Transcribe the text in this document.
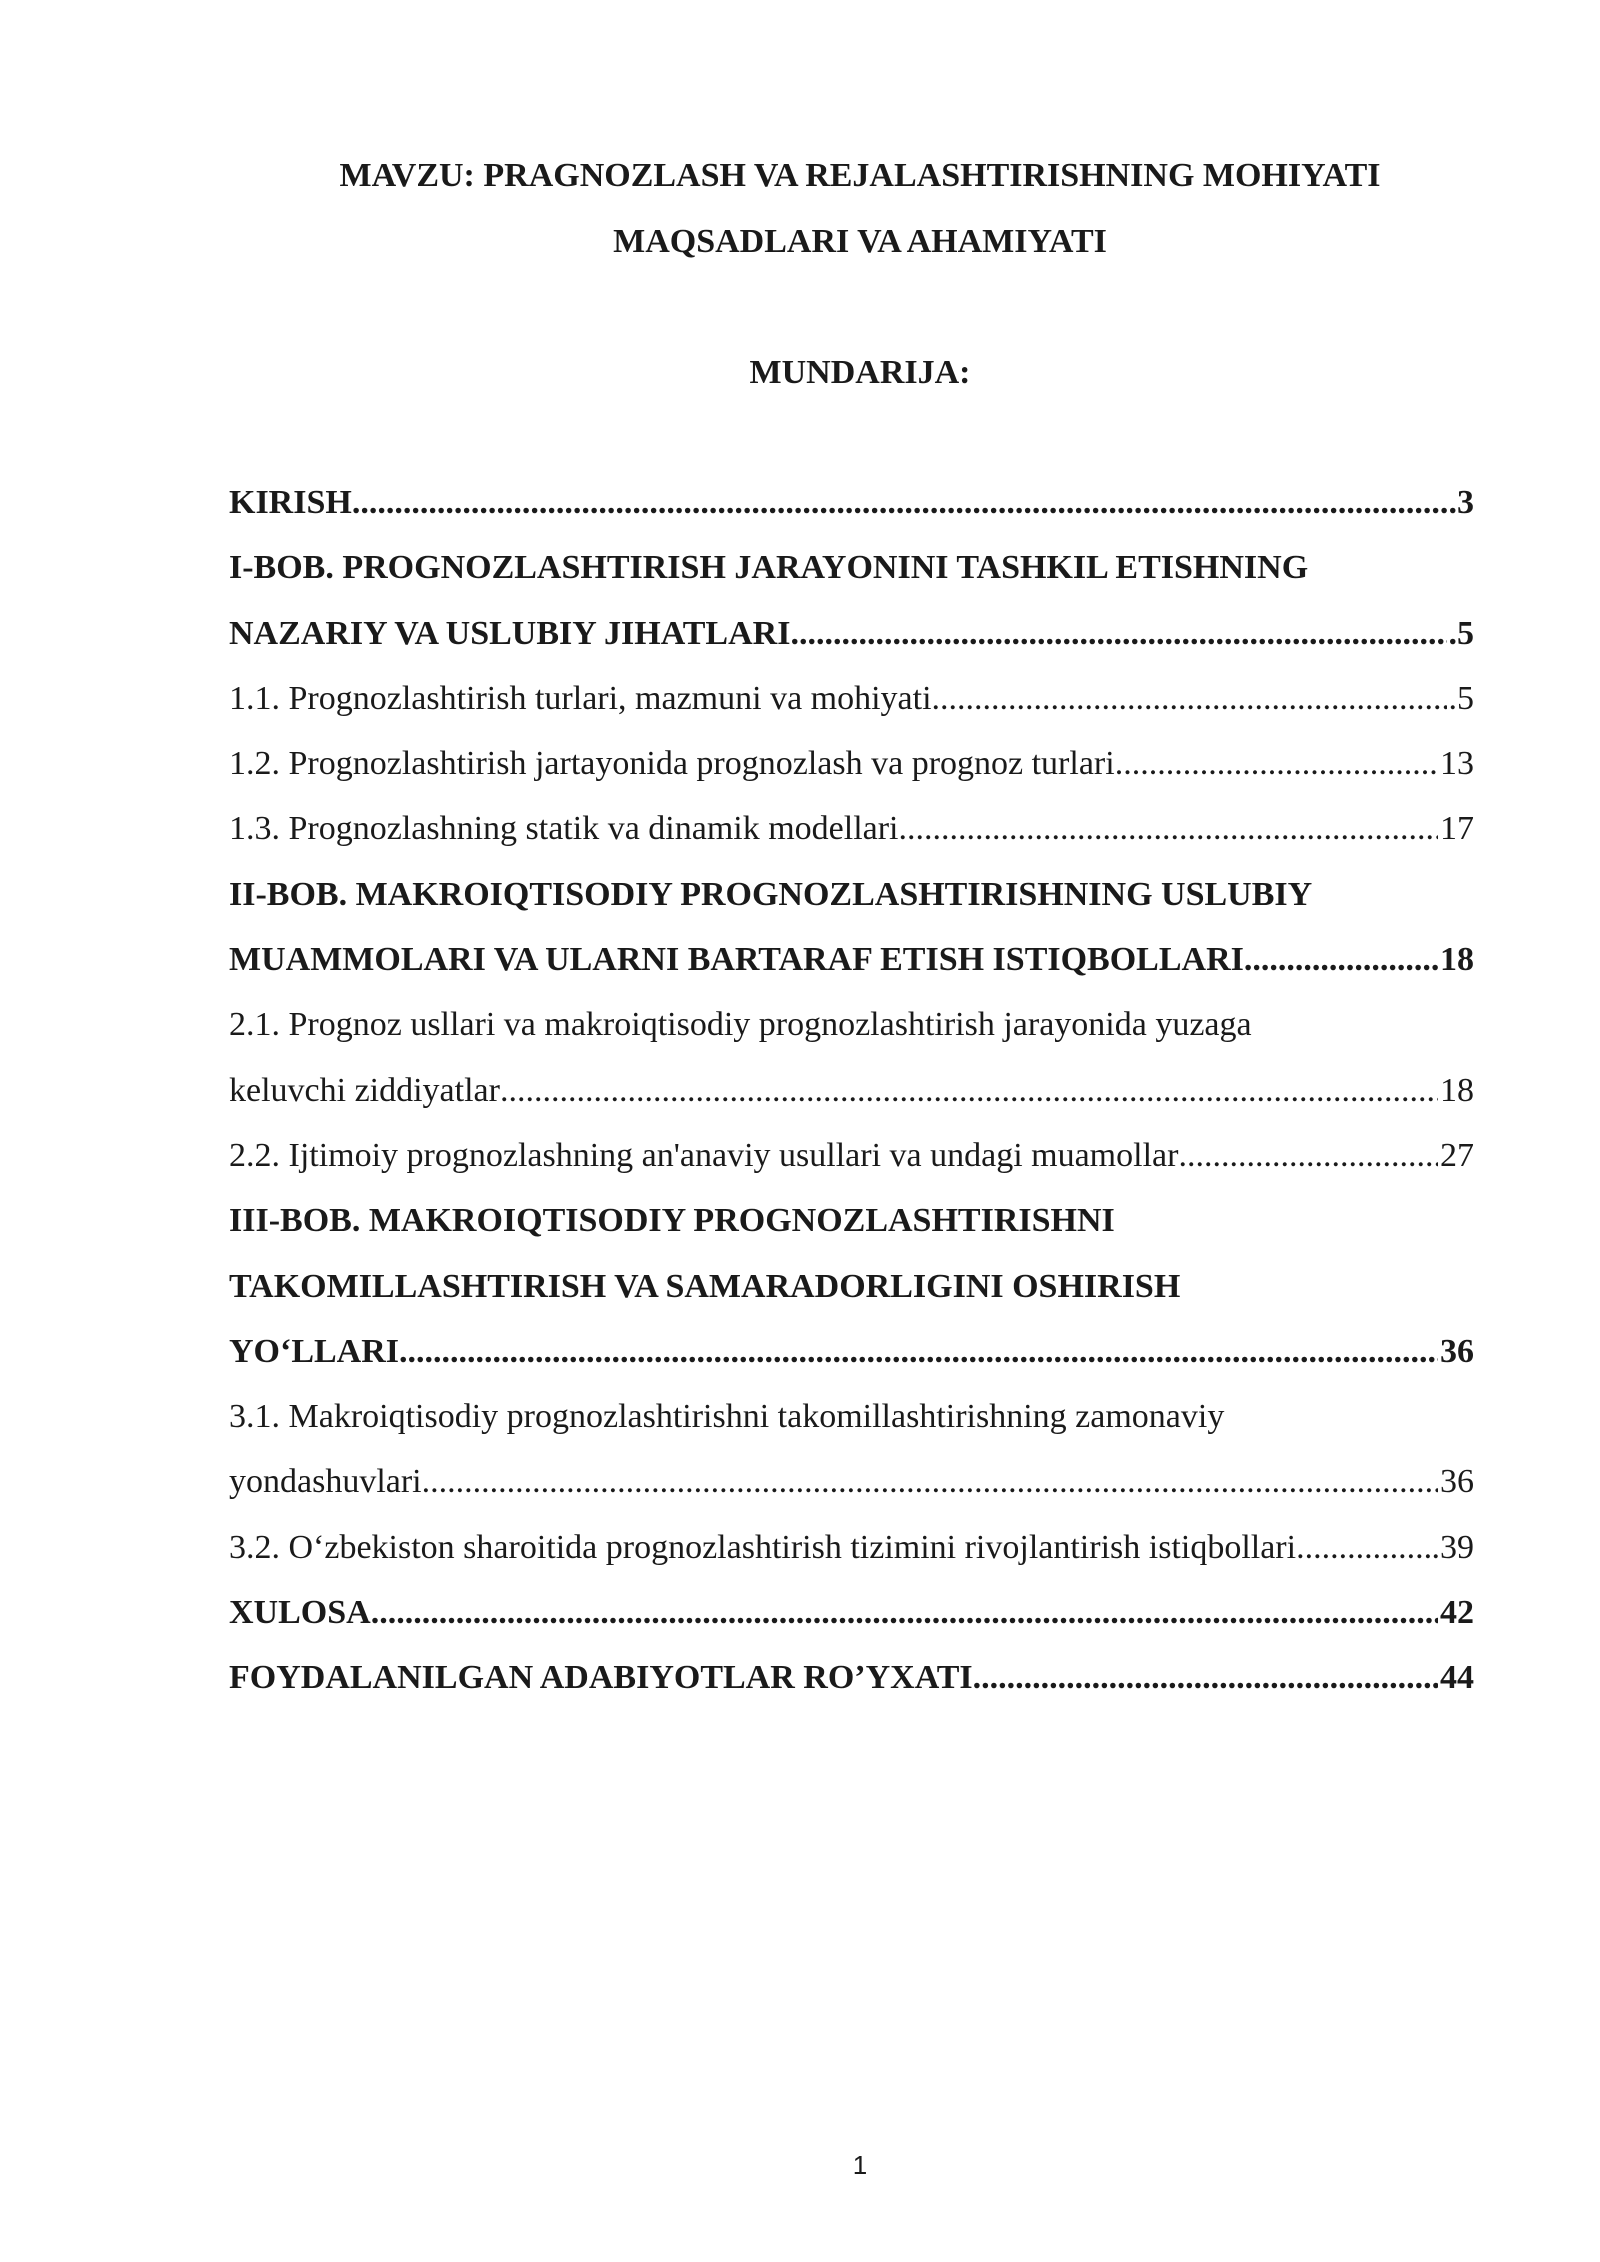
MAVZU: PRAGNOZLASH VA REJALASHTIRISHNING MOHIYATI

MAQSADLARI VA AHAMIYATI

MUNDARIJA:

KIRISH .....	.3
I-BOB. PROGNOZLASHTIRISH JARAYONINI TASHKIL ETISHNING
NAZARIY VA USLUBIY JIHATLARI .....	.5
1.1. Prognozlashtirish turlari, mazmuni va mohiyati .....	.5
1.2. Prognozlashtirish jartayonida prognozlash va prognoz turlari .....	13
1.3. Prognozlashning statik va dinamik modellari .....	17
II-BOB. MAKROIQTISODIY PROGNOZLASHTIRISHNING USLUBIY
MUAMMOLARI VA ULARNI BARTARAF ETISH ISTIQBOLLARI .....	18
2.1. Prognoz usllari va makroiqtisodiy prognozlashtirish jarayonida yuzaga
keluvchi ziddiyatlar .....	18
2.2. Ijtimoiy prognozlashning an'anaviy usullari va undagi muamollar .....	27
III-BOB. MAKROIQTISODIY PROGNOZLASHTIRISHNI TAKOMILLASHTIRISH VA SAMARADORLIGINI OSHIRISH
YO‘LLARI .....	36
3.1. Makroiqtisodiy prognozlashtirishni takomillashtirishning zamonaviy
yondashuvlari .....	36
3.2. O‘zbekiston sharoitida prognozlashtirish tizimini rivojlantirish istiqbollari. .....	.39
XULOSA .....	42
FOYDALANILGAN ADABIYOTLAR RO’YXATI .....	44

1
